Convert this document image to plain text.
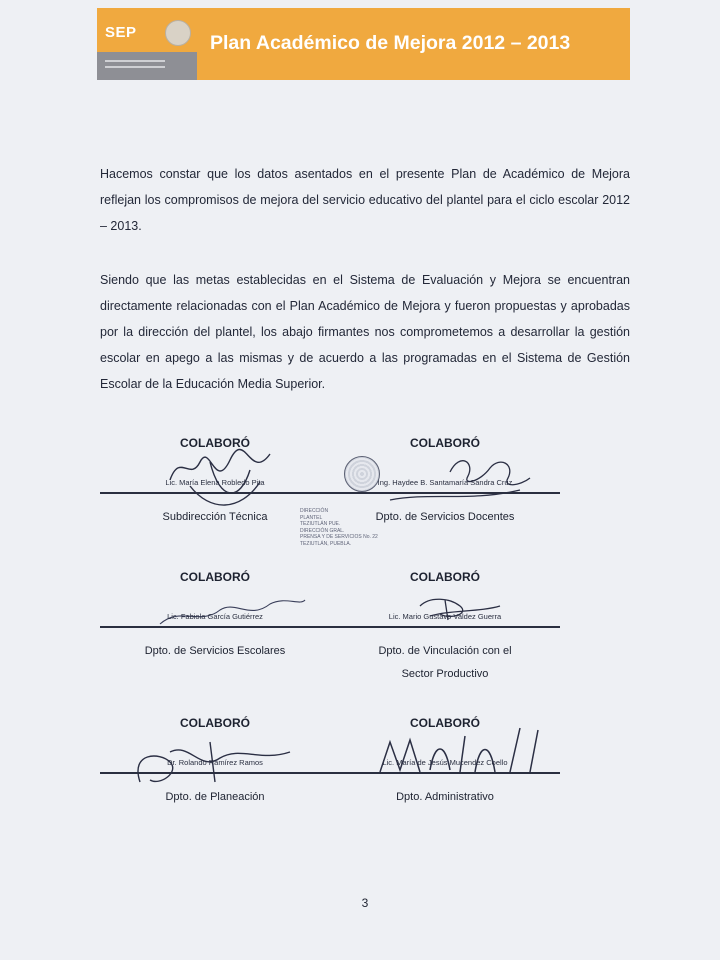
SEP	Plan Académico de Mejora 2012 – 2013

Hacemos constar que los datos asentados en el presente Plan de Académico de Mejora reflejan los compromisos de mejora del servicio educativo del plantel para el ciclo escolar 2012 – 2013.

Siendo que las metas establecidas en el Sistema de Evaluación y Mejora se encuentran directamente relacionadas con el Plan Académico de Mejora y fueron propuestas y aprobadas por la dirección del plantel, los abajo firmantes nos comprometemos a desarrollar la gestión escolar en apego a las mismas y de acuerdo a las programadas en el Sistema de Gestión Escolar de la Educación Media Superior.

COLABORÓ
Lic. María Elena Robledo Pita
Subdirección Técnica
COLABORÓ
Ing. Haydee B. Santamaría Sandra Cruz
Dpto. de Servicios Docentes
DIRECCIÓN
PLANTEL
TEZIUTLÁN PUE.
DIRECCIÓN GRAL.
PRENSA Y DE SERVICIOS No. 22
TEZIUTLÁN, PUEBLA.
COLABORÓ
Lic. Fabiola García Gutiérrez
Dpto. de Servicios Escolares
COLABORÓ
Lic. Mario Gustavo Valdez Guerra
Dpto. de Vinculación con el
Sector Productivo
COLABORÓ
Dr. Rolando Ramírez Ramos
Dpto. de Planeación
COLABORÓ
Lic. María de Jesús Mucendez Coello
Dpto. Administrativo
3
